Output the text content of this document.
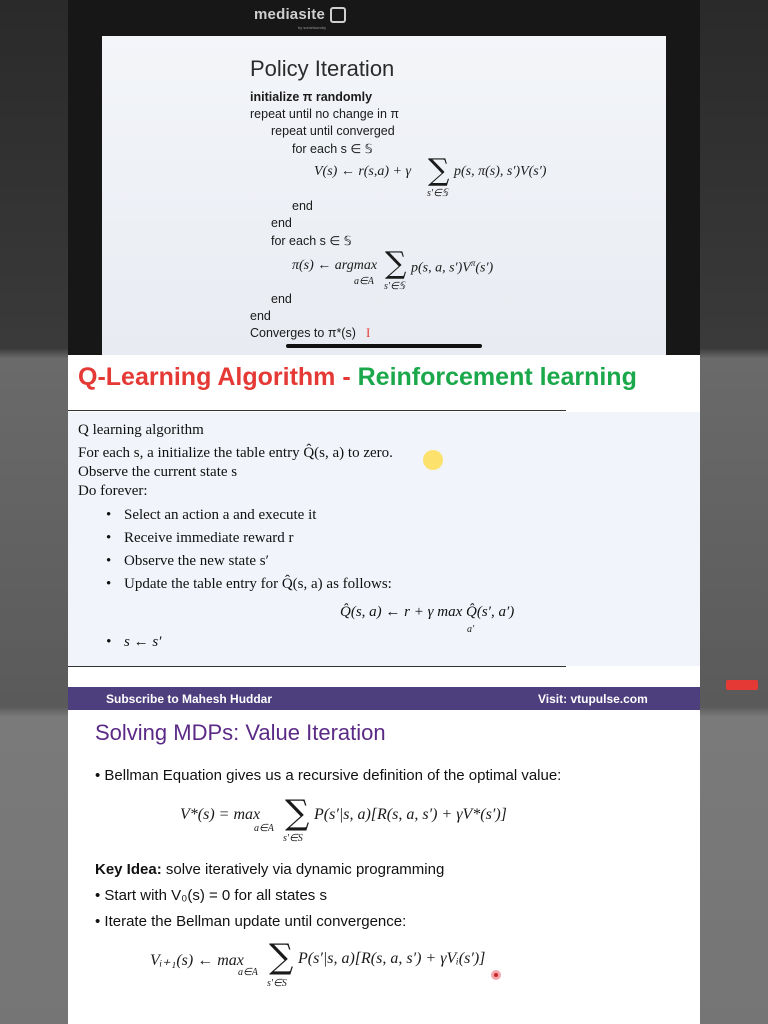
mediasite
by sonicfoundry
Policy Iteration
initialize π randomly
repeat until no change in π
repeat until converged
for each s ∈ 𝕊
V(s) ← r(s,a) + γ ∑ p(s, π(s), s′)V(s′)
s′∈𝕊
end
end
for each s ∈ 𝕊
π(s) ← argmax
a∈A
∑ p(s, a, $s')V^\pi(s')$
s′∈𝕊
end
end
Converges to π*(s) I
Q-Learning Algorithm - Reinforcement learning
Q learning algorithm
For each s, a initialize the table entry Q̂(s, a) to zero.
Observe the current state s
Do forever:
• Select an action a and execute it
• Receive immediate reward r
• Observe the new state s′
• Update the table entry for Q̂(s, a) as follows:
Q̂(s, a) ← r + γ max Q̂(s′, a′)
a′
• s ← s′
Subscribe to Mahesh Huddar	Visit: vtupulse.com
Solving MDPs: Value Iteration
• Bellman Equation gives us a recursive definition of the optimal value:
V*(s) = max
a∈A ∑ P(s′|s, a)[R(s, a, s′) + γV*(s′)]
s′∈S
Key Idea: solve iteratively via dynamic programming
• Start with V₀(s) = 0 for all states s
• Iterate the Bellman update until convergence:
Vᵢ₊₁(s) ← max
a∈A ∑ P(s′|s, a)[R(s, a, s′) + γVᵢ(s′)]
s′∈S
